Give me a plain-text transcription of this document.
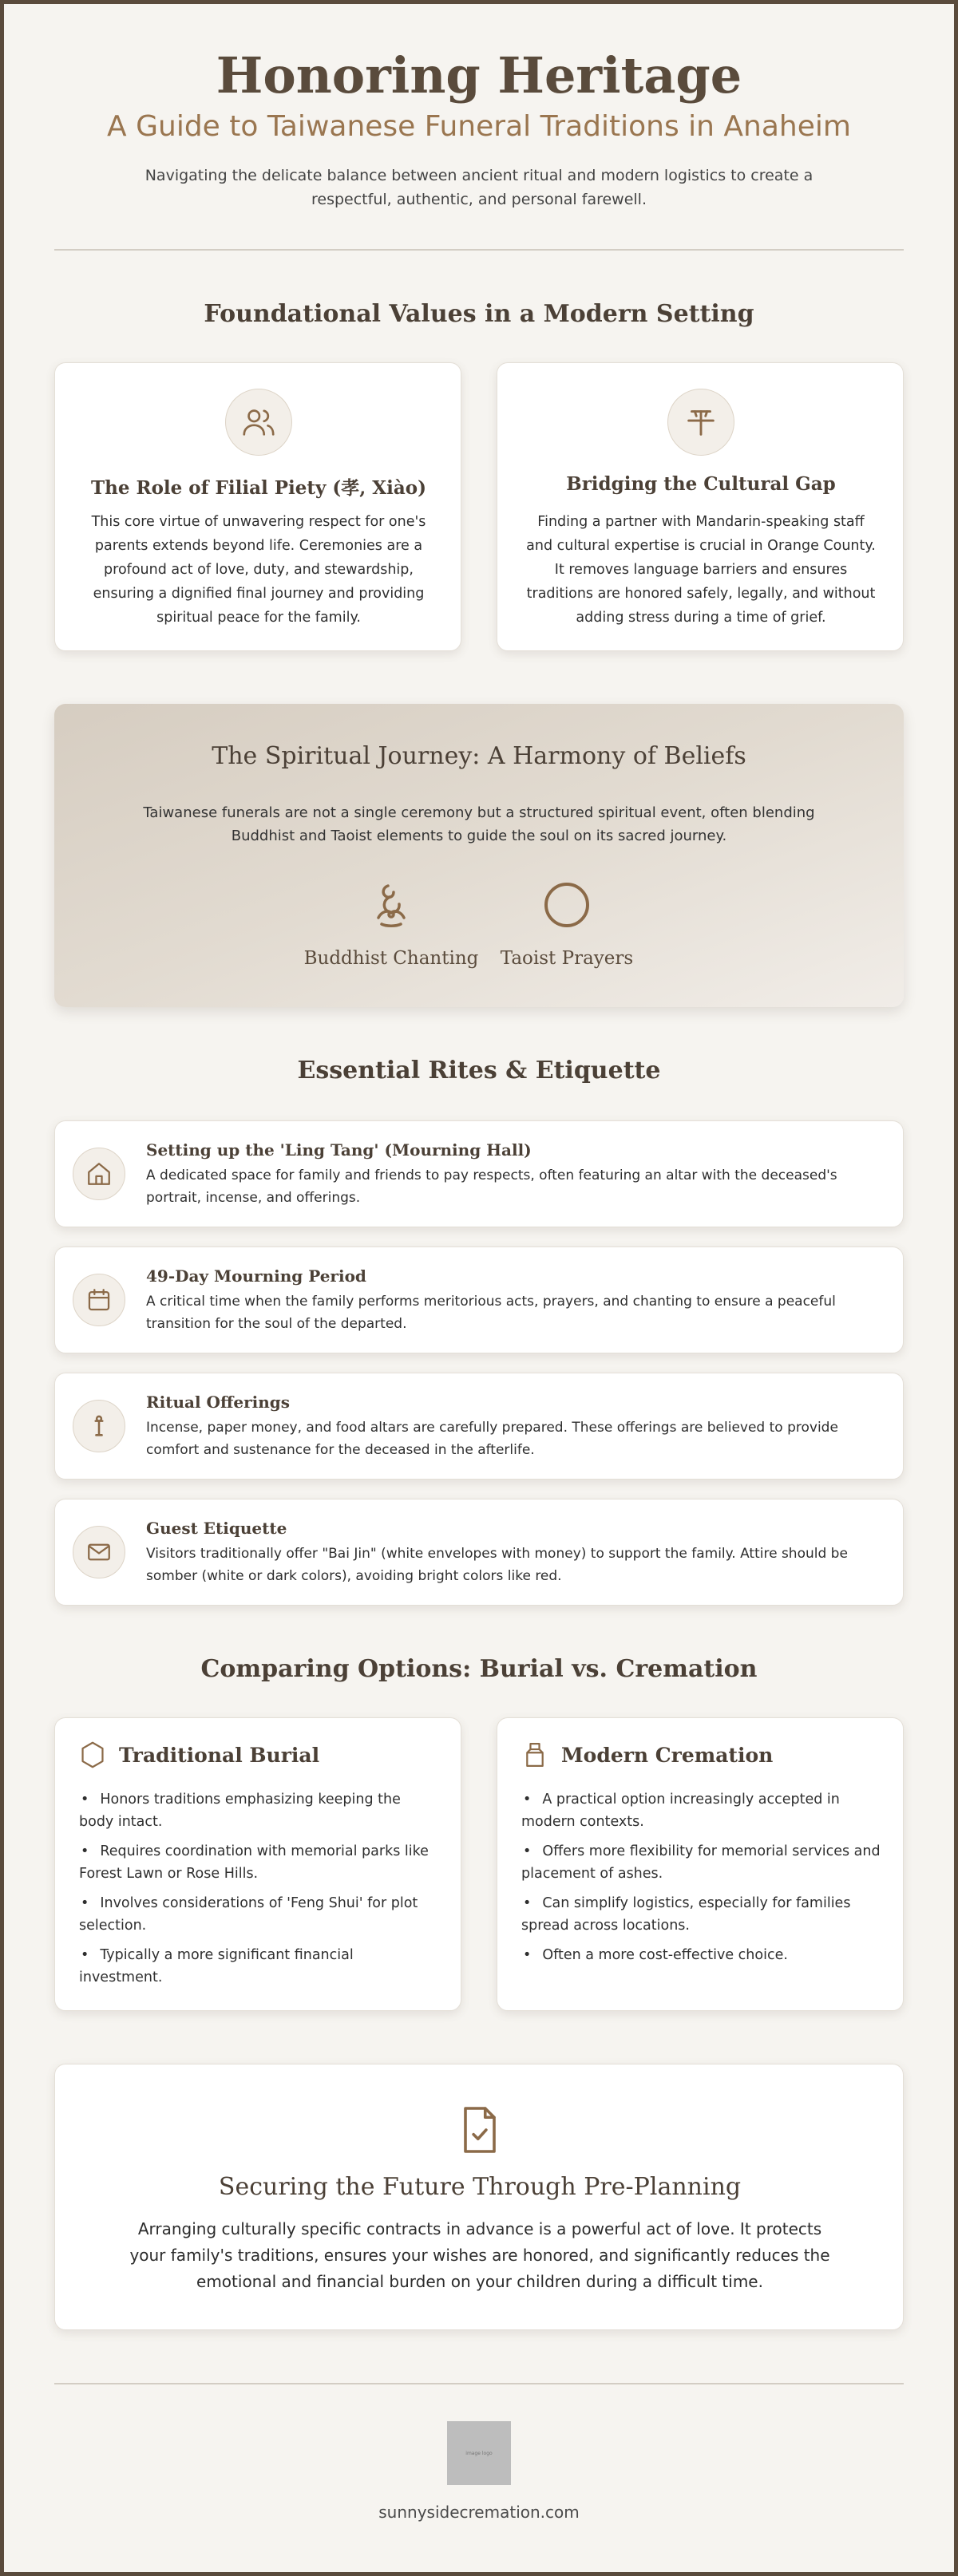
Honoring Heritage
A Guide to Taiwanese Funeral Traditions in Anaheim

Navigating the delicate balance between ancient ritual and modern logistics to create a respectful, authentic, and personal farewell.

Foundational Values in a Modern Setting
The Role of Filial Piety (孝, Xiào)

This core virtue of unwavering respect for one's parents extends beyond life. Ceremonies are a profound act of love, duty, and stewardship, ensuring a dignified final journey and providing spiritual peace for the family.

Bridging the Cultural Gap

Finding a partner with Mandarin-speaking staff and cultural expertise is crucial in Orange County. It removes language barriers and ensures traditions are honored safely, legally, and without adding stress during a time of grief.

The Spiritual Journey: A Harmony of Beliefs

Taiwanese funerals are not a single ceremony but a structured spiritual event, often blending Buddhist and Taoist elements to guide the soul on its sacred journey.

Buddhist Chanting	Taoist Prayers
Essential Rites & Etiquette
Setting up the 'Ling Tang' (Mourning Hall)

A dedicated space for family and friends to pay respects, often featuring an altar with the deceased's portrait, incense, and offerings.

49-Day Mourning Period

A critical time when the family performs meritorious acts, prayers, and chanting to ensure a peaceful transition for the soul of the departed.

Ritual Offerings

Incense, paper money, and food altars are carefully prepared. These offerings are believed to provide comfort and sustenance for the deceased in the afterlife.

Guest Etiquette

Visitors traditionally offer "Bai Jin" (white envelopes with money) to support the family. Attire should be somber (white or dark colors), avoiding bright colors like red.

Comparing Options: Burial vs. Cremation
Traditional Burial
• Honors traditions emphasizing keeping the body intact.
• Requires coordination with memorial parks like Forest Lawn or Rose Hills.
• Involves considerations of 'Feng Shui' for plot selection.
• Typically a more significant financial investment.
Modern Cremation
• A practical option increasingly accepted in modern contexts.
• Offers more flexibility for memorial services and placement of ashes.
• Can simplify logistics, especially for families spread across locations.
• Often a more cost-effective choice.
Securing the Future Through Pre-Planning

Arranging culturally specific contracts in advance is a powerful act of love. It protects your family's traditions, ensures your wishes are honored, and significantly reduces the emotional and financial burden on your children during a difficult time.

image logo
sunnysidecremation.com
